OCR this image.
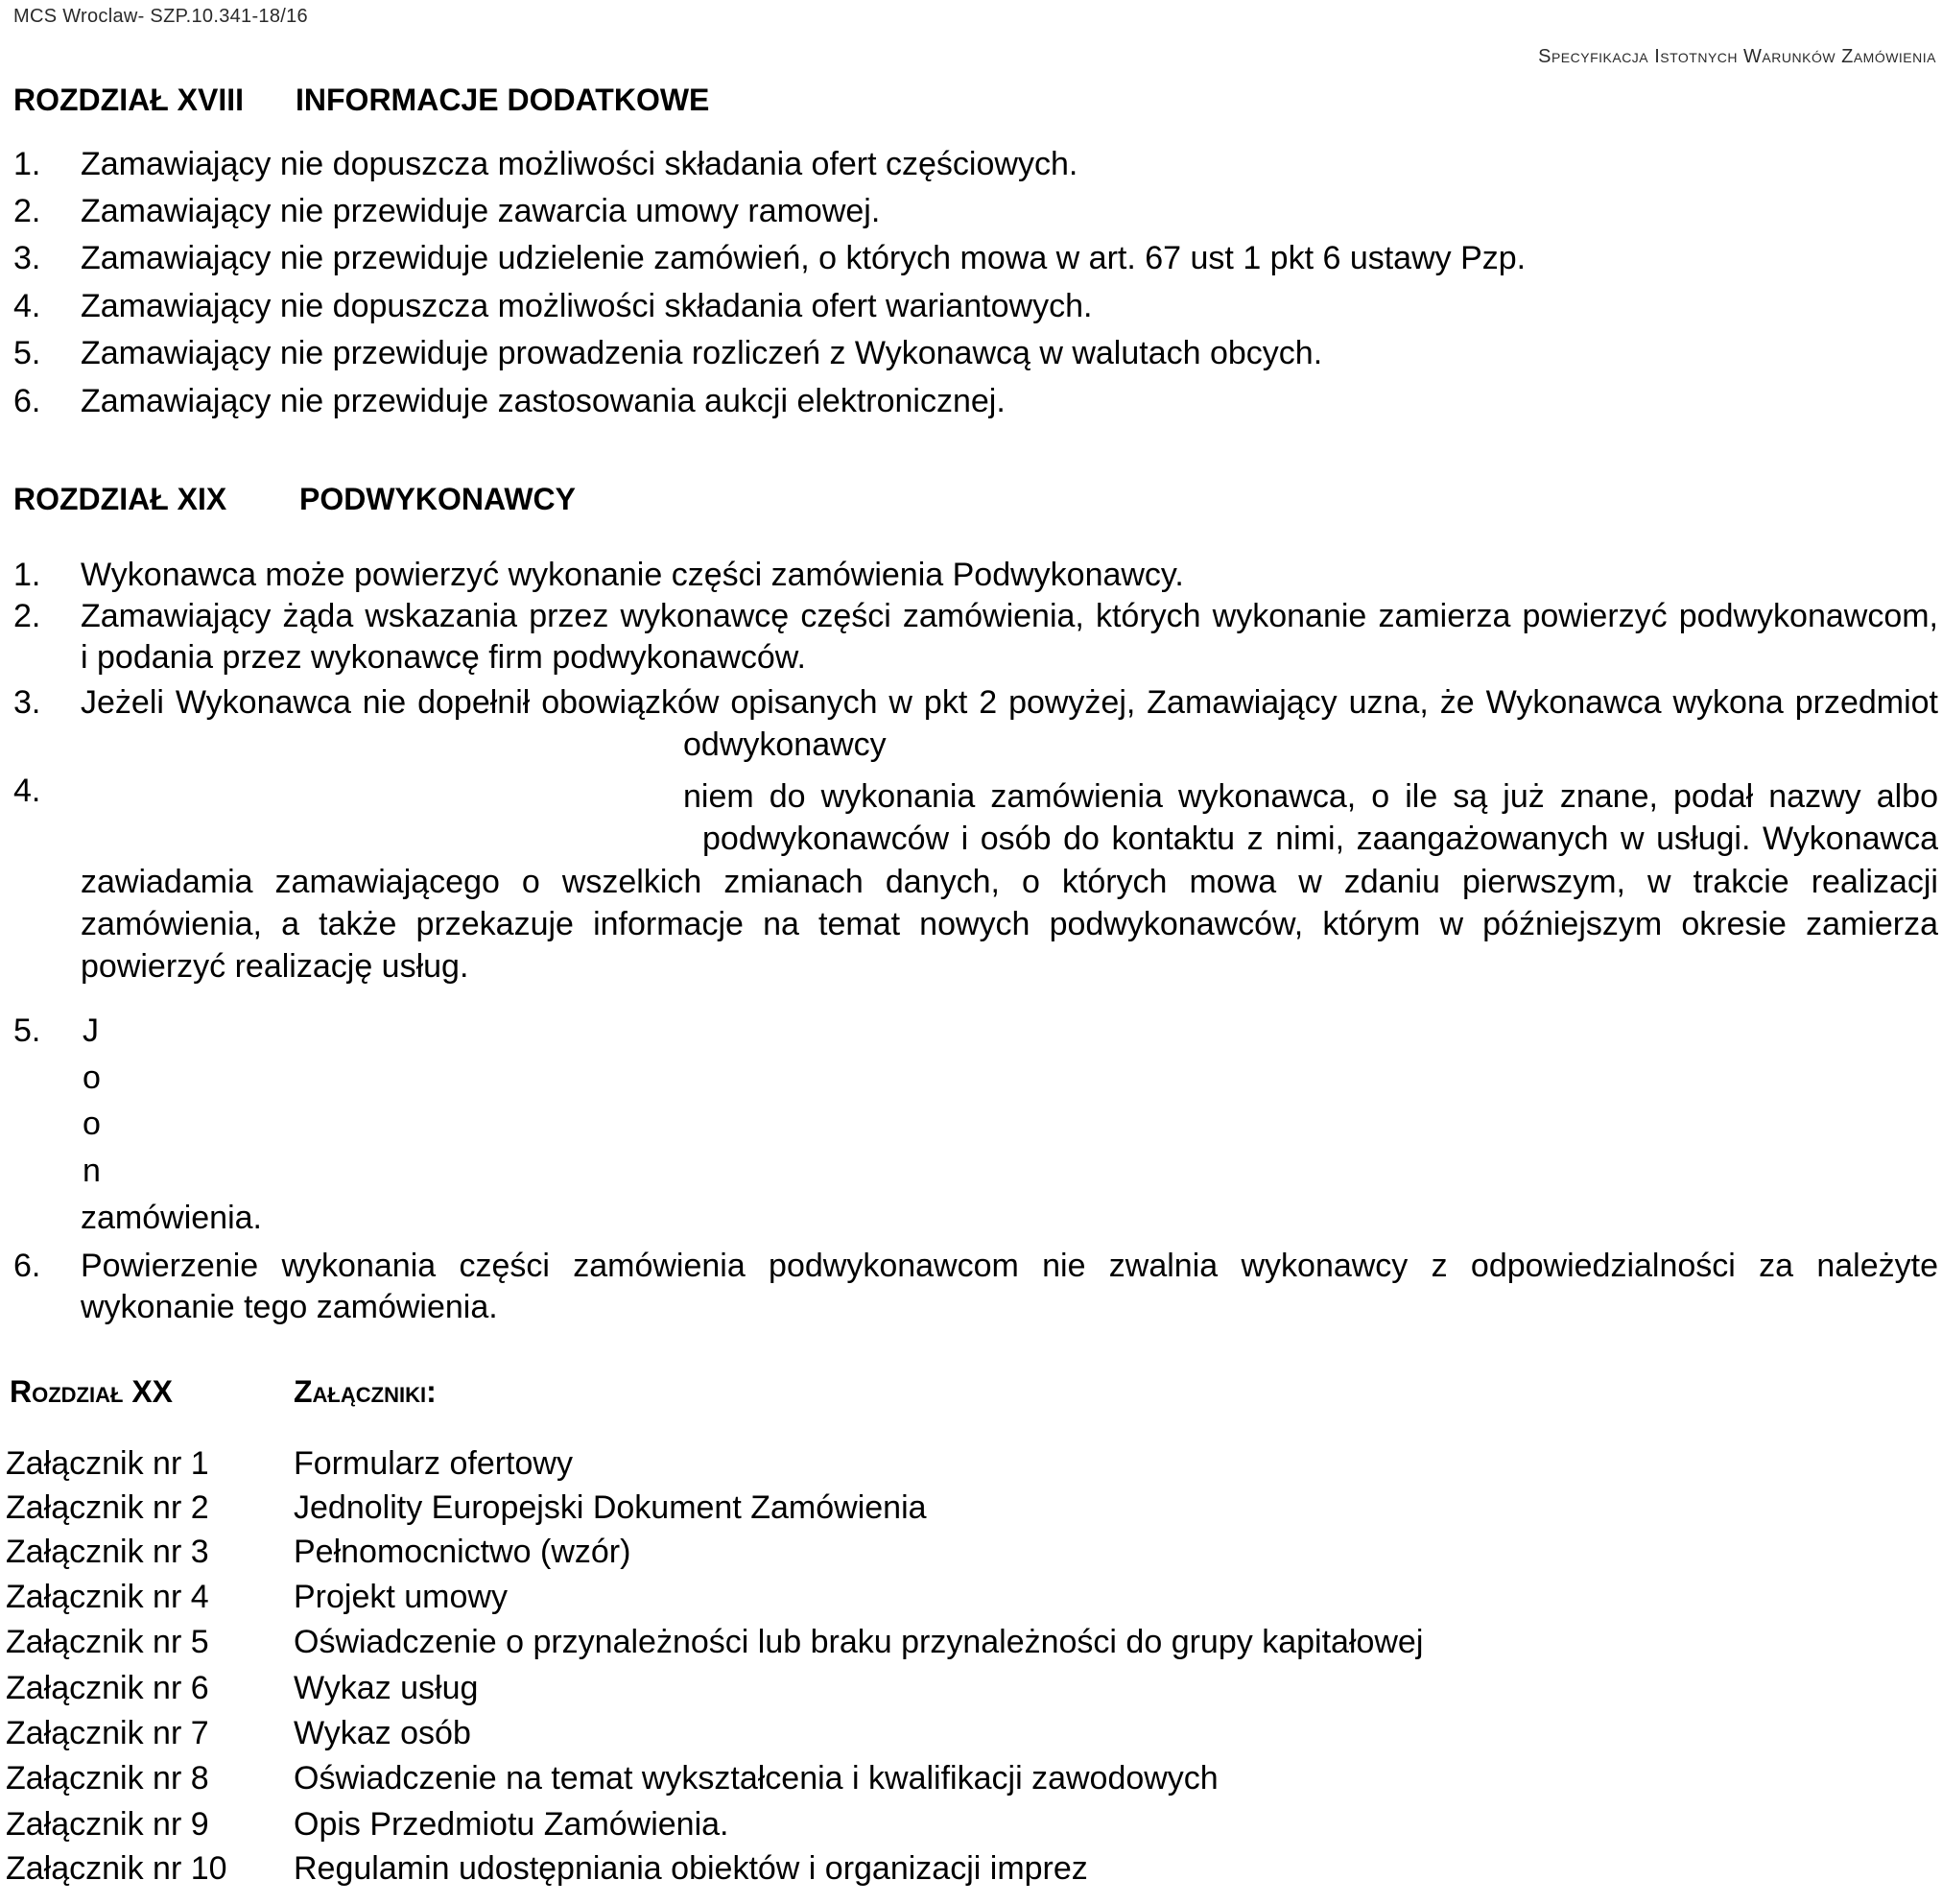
MCS Wroclaw- SZP.10.341-18/16
Specyfikacja Istotnych Warunków Zamówienia
ROZDZIAŁ XVIII INFORMACJE DODATKOWE
1. Zamawiający nie dopuszcza możliwości składania ofert częściowych.
2. Zamawiający nie przewiduje zawarcia umowy ramowej.
3. Zamawiający nie przewiduje udzielenie zamówień, o których mowa w art. 67 ust 1 pkt 6 ustawy Pzp.
4. Zamawiający nie dopuszcza możliwości składania ofert wariantowych.
5. Zamawiający nie przewiduje prowadzenia rozliczeń z Wykonawcą w walutach obcych.
6. Zamawiający nie przewiduje zastosowania aukcji elektronicznej.
ROZDZIAŁ XIX PODWYKONAWCY
1. Wykonawca może powierzyć wykonanie części zamówienia Podwykonawcy.
2. Zamawiający żąda wskazania przez wykonawcę części zamówienia, których wykonanie zamierza powierzyć podwykonawcom,
i podania przez wykonawcę firm podwykonawców.
3. Jeżeli Wykonawca nie dopełnił obowiązków opisanych w pkt 2 powyżej, Zamawiający uzna, że Wykonawca wykona przedmiot
odwykonawcy
4.	niem do wykonania zamówienia wykonawca, o ile są już znane, podał nazwy albo
podwykonawców i osób do kontaktu z nimi, zaangażowanych w usługi. Wykonawca
zawiadamia zamawiającego o wszelkich zmianach danych, o których mowa w zdaniu pierwszym, w trakcie realizacji
zamówienia, a także przekazuje informacje na temat nowych podwykonawców, którym w późniejszym okresie zamierza
powierzyć realizację usług.
5. J
o
o
n
zamówienia.
6. Powierzenie wykonania części zamówienia podwykonawcom nie zwalnia wykonawcy z odpowiedzialności za należyte
wykonanie tego zamówienia.
Rozdział XX	Załączniki:
Załącznik nr 1	Formularz ofertowy
Załącznik nr 2	Jednolity Europejski Dokument Zamówienia
Załącznik nr 3	Pełnomocnictwo (wzór)
Załącznik nr 4	Projekt umowy
Załącznik nr 5	Oświadczenie o przynależności lub braku przynależności do grupy kapitałowej
Załącznik nr 6	Wykaz usług
Załącznik nr 7	Wykaz osób
Załącznik nr 8	Oświadczenie na temat wykształcenia i kwalifikacji zawodowych
Załącznik nr 9	Opis Przedmiotu Zamówienia.
Załącznik nr 10 Regulamin udostępniania obiektów i organizacji imprez
